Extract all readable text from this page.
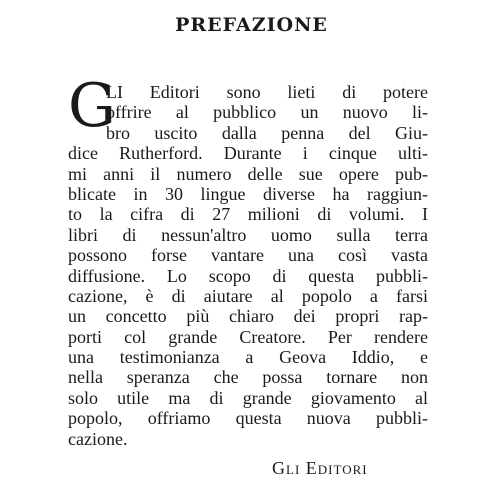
PREFAZIONE
G
LI Editori sono lieti di potere
offrire al pubblico un nuovo li-
bro uscito dalla penna del Giu-
dice Rutherford. Durante i cinque ulti-
mi anni il numero delle sue opere pub-
blicate in 30 lingue diverse ha raggiun-
to la cifra di 27 milioni di volumi. I
libri di nessun'altro uomo sulla terra
possono forse vantare una così vasta
diffusione. Lo scopo di questa pubbli-
cazione, è di aiutare al popolo a farsi
un concetto più chiaro dei propri rap-
porti col grande Creatore. Per rendere
una testimonianza a Geova Iddio, e
nella speranza che possa tornare non
solo utile ma di grande giovamento al
popolo, offriamo questa nuova pubbli-
cazione.
Gli Editori
